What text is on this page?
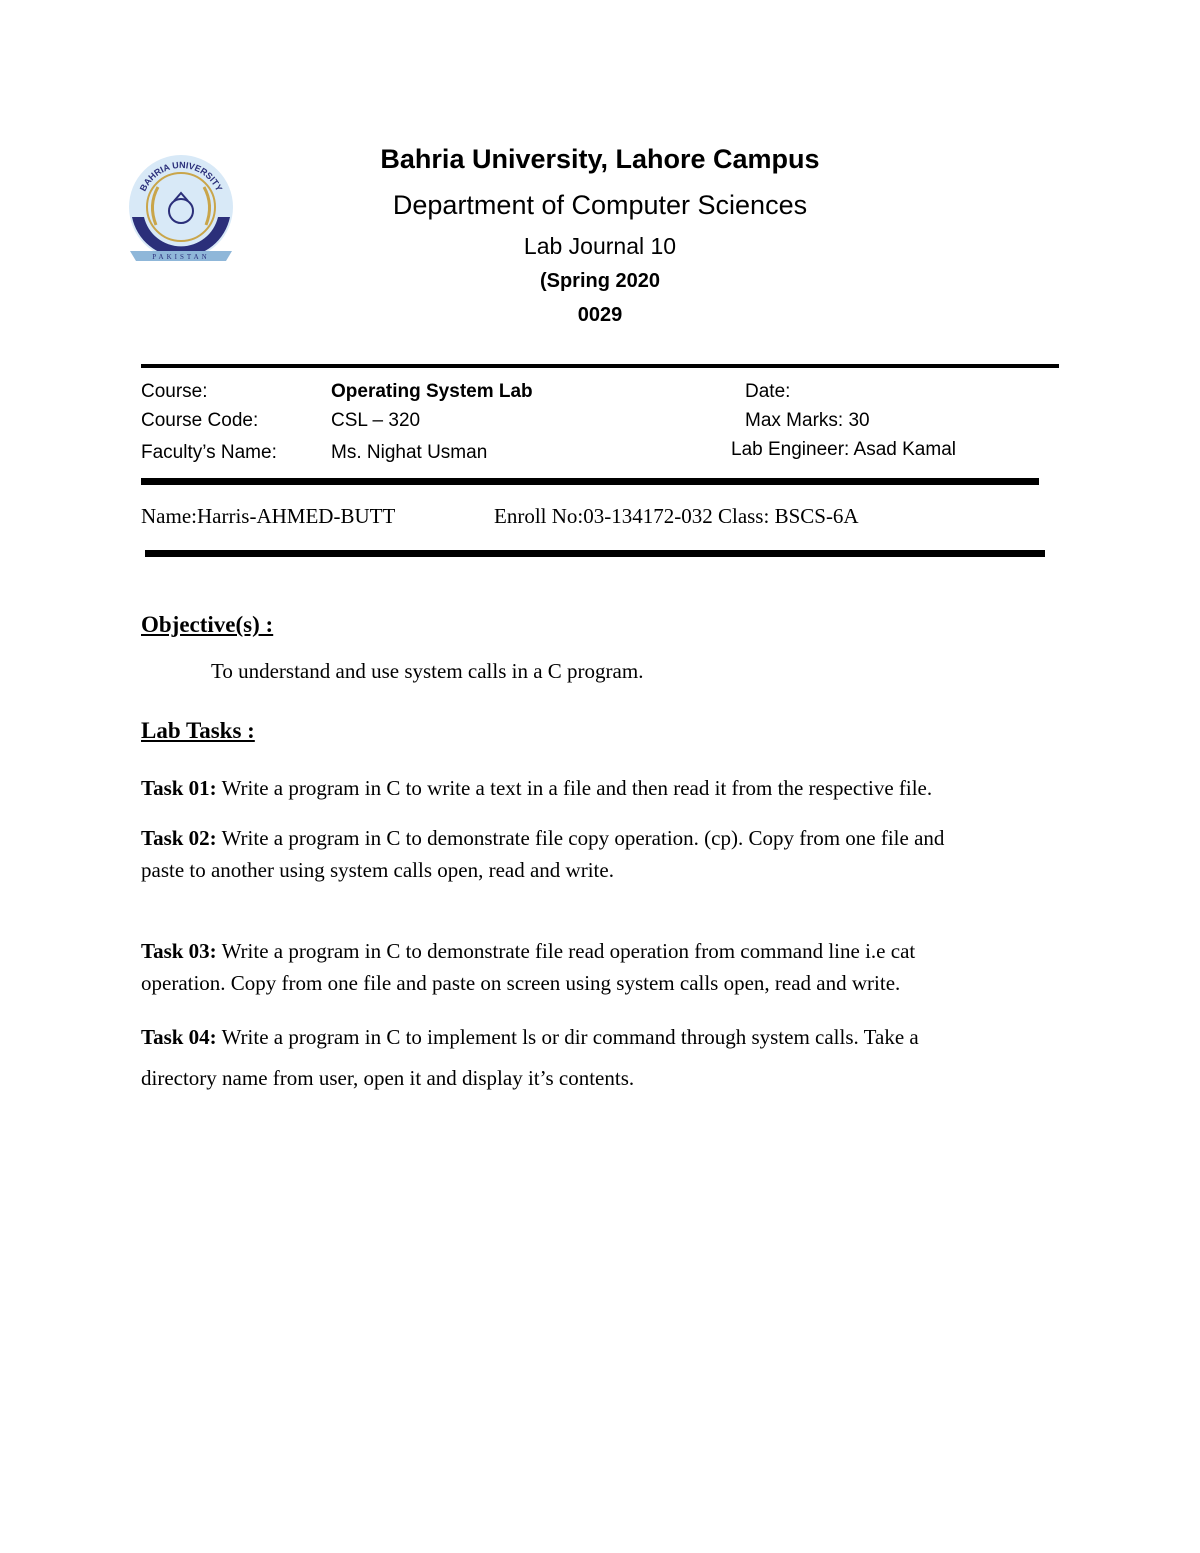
BAHRIA UNIVERSITY
PAKISTAN
Bahria University, Lahore Campus
Department of Computer Sciences
Lab Journal 10
(Spring 2020
0029
Course:	Operating System Lab	Date:
Course Code:	CSL – 320	Max Marks: 30
Faculty’s Name:	Ms. Nighat Usman	Lab Engineer: Asad Kamal
Name:Harris-AHMED-BUTT	Enroll No:03-134172-032 Class: BSCS-6A
Objective(s) :
To understand and use system calls in a C program.
Lab Tasks :
Task 01: Write a program in C to write a text in a file and then read it from the respective file.
Task 02: Write a program in C to demonstrate file copy operation. (cp). Copy from one file and
paste to another using system calls open, read and write.
Task 03: Write a program in C to demonstrate file read operation from command line i.e cat
operation. Copy from one file and paste on screen using system calls open, read and write.
Task 04: Write a program in C to implement ls or dir command through system calls. Take a
directory name from user, open it and display it’s contents.
